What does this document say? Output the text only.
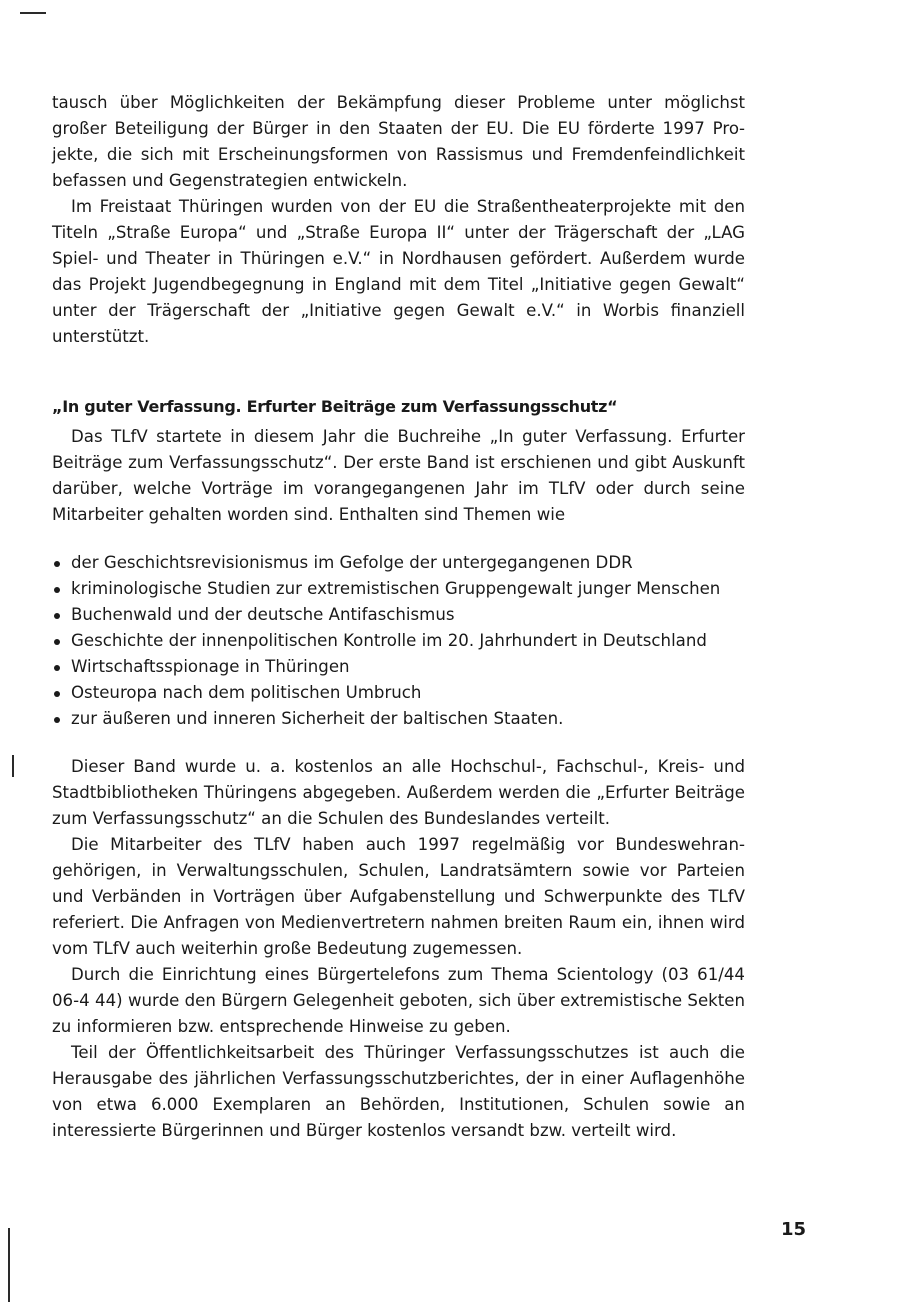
tausch über Möglichkeiten der Bekämpfung dieser Probleme unter möglichst großer Beteiligung der Bürger in den Staaten der EU. Die EU förderte 1997 Projekte, die sich mit Erscheinungsformen von Rassismus und Fremdenfeindlichkeit befassen und Gegenstrategien entwickeln.

Im Freistaat Thüringen wurden von der EU die Straßentheaterprojekte mit den Titeln „Straße Europa“ und „Straße Europa II“ unter der Trägerschaft der „LAG Spiel- und Theater in Thüringen e.V.“ in Nordhausen gefördert. Außerdem wurde das Projekt Jugendbegegnung in England mit dem Titel „Initiative gegen Gewalt“ unter der Trägerschaft der „Initiative gegen Gewalt e.V.“ in Worbis finanziell unterstützt.

„In guter Verfassung. Erfurter Beiträge zum Verfassungsschutz“

Das TLfV startete in diesem Jahr die Buchreihe „In guter Verfassung. Erfurter Beiträge zum Verfassungsschutz“. Der erste Band ist erschienen und gibt Auskunft darüber, welche Vorträge im vorangegangenen Jahr im TLfV oder durch seine Mitarbeiter gehalten worden sind. Enthalten sind Themen wie

der Geschichtsrevisionismus im Gefolge der untergegangenen DDR
kriminologische Studien zur extremistischen Gruppengewalt junger Menschen
Buchenwald und der deutsche Antifaschismus
Geschichte der innenpolitischen Kontrolle im 20. Jahrhundert in Deutschland
Wirtschaftsspionage in Thüringen
Osteuropa nach dem politischen Umbruch
zur äußeren und inneren Sicherheit der baltischen Staaten.

Dieser Band wurde u. a. kostenlos an alle Hochschul-, Fachschul-, Kreis- und Stadtbibliotheken Thüringens abgegeben. Außerdem werden die „Erfurter Beiträge zum Verfassungsschutz“ an die Schulen des Bundeslandes verteilt.

Die Mitarbeiter des TLfV haben auch 1997 regelmäßig vor Bundeswehrangehörigen, in Verwaltungsschulen, Schulen, Landratsämtern sowie vor Parteien und Verbänden in Vorträgen über Aufgabenstellung und Schwerpunkte des TLfV referiert. Die Anfragen von Medienvertretern nahmen breiten Raum ein, ihnen wird vom TLfV auch weiterhin große Bedeutung zugemessen.

Durch die Einrichtung eines Bürgertelefons zum Thema Scientology (03 61/44 06-4 44) wurde den Bürgern Gelegenheit geboten, sich über extremistische Sekten zu informieren bzw. entsprechende Hinweise zu geben.

Teil der Öffentlichkeitsarbeit des Thüringer Verfassungsschutzes ist auch die Herausgabe des jährlichen Verfassungsschutzberichtes, der in einer Auflagenhöhe von etwa 6.000 Exemplaren an Behörden, Institutionen, Schulen sowie an interessierte Bürgerinnen und Bürger kostenlos versandt bzw. verteilt wird.

15
